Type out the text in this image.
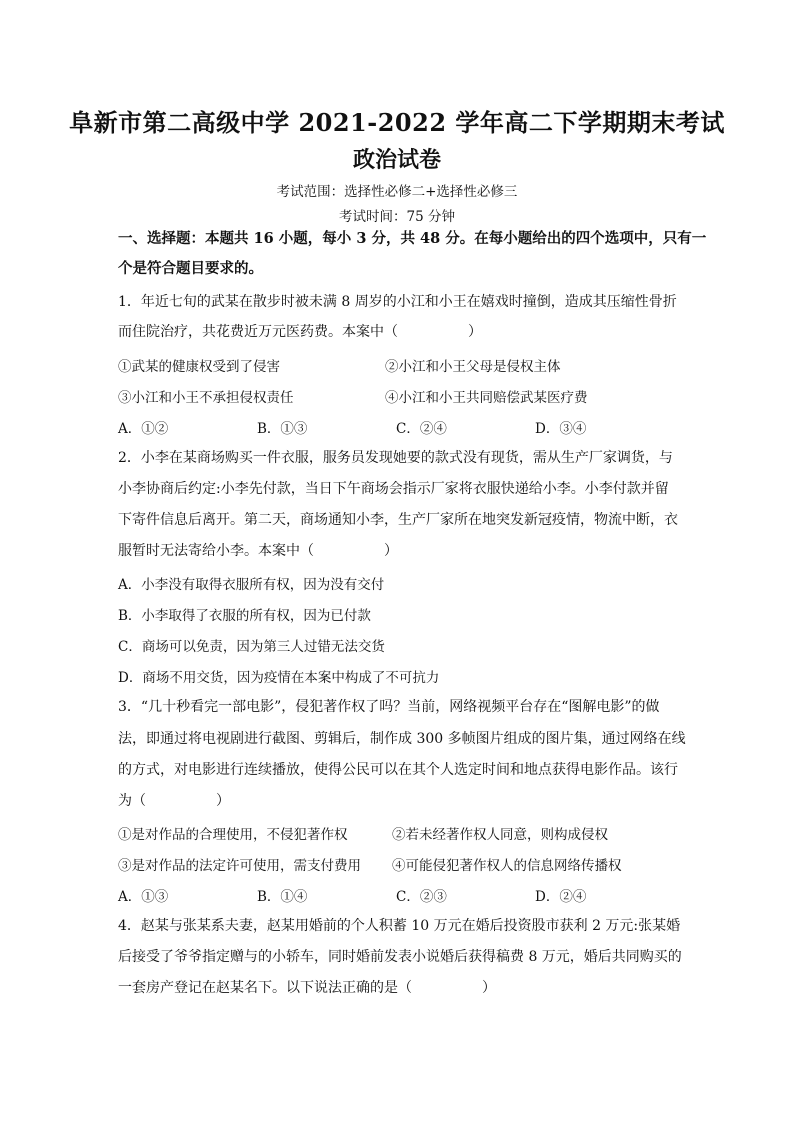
阜新市第二高级中学 2021-2022 学年高二下学期期末考试
政治试卷
考试范围：选择性必修二+选择性必修三
考试时间：75 分钟
一、选择题：本题共 16 小题，每小 3 分，共 48 分。在每小题给出的四个选项中，只有一
个是符合题目要求的。
1．年近七旬的武某在散步时被未满 8 周岁的小江和小王在嬉戏时撞倒，造成其压缩性骨折
而住院治疗，共花费近万元医药费。本案中（　　　　　）
①武某的健康权受到了侵害	②小江和小王父母是侵权主体
③小江和小王不承担侵权责任	④小江和小王共同赔偿武某医疗费
A．①②	B．①③	C．②④	D．③④
2．小李在某商场购买一件衣服，服务员发现她要的款式没有现货，需从生产厂家调货，与
小李协商后约定:小李先付款，当日下午商场会指示厂家将衣服快递给小李。小李付款并留
下寄件信息后离开。第二天，商场通知小李，生产厂家所在地突发新冠疫情，物流中断，衣
服暂时无法寄给小李。本案中（　　　　　）
A．小李没有取得衣服所有权，因为没有交付
B．小李取得了衣服的所有权，因为已付款
C．商场可以免责，因为第三人过错无法交货
D．商场不用交货，因为疫情在本案中构成了不可抗力
3．“几十秒看完一部电影”，侵犯著作权了吗？当前，网络视频平台存在“图解电影”的做
法，即通过将电视剧进行截图、剪辑后，制作成 300 多帧图片组成的图片集，通过网络在线
的方式，对电影进行连续播放，使得公民可以在其个人选定时间和地点获得电影作品。该行
为（　　　　　）
①是对作品的合理使用，不侵犯著作权	②若未经著作权人同意，则构成侵权
③是对作品的法定许可使用，需支付费用 ④可能侵犯著作权人的信息网络传播权
A．①③	B．①④	C．②③	D．②④
4．赵某与张某系夫妻，赵某用婚前的个人积蓄 10 万元在婚后投资股市获利 2 万元:张某婚
后接受了爷爷指定赠与的小轿车，同时婚前发表小说婚后获得稿费 8 万元，婚后共同购买的
一套房产登记在赵某名下。以下说法正确的是（　　　　　）
